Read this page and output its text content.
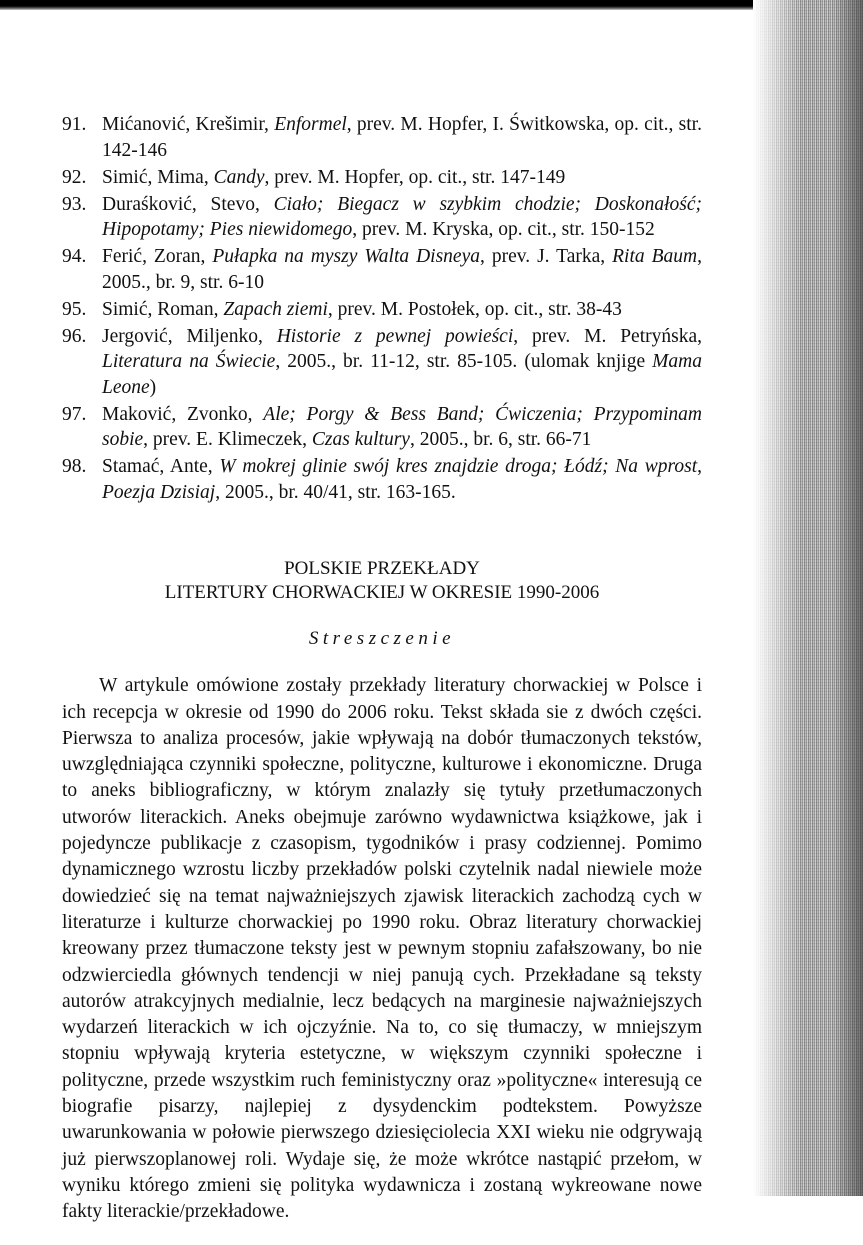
91. Mićanović, Krešimir, Enformel, prev. M. Hopfer, I. Świtkowska, op. cit., str. 142-146
92. Simić, Mima, Candy, prev. M. Hopfer, op. cit., str. 147-149
93. Duraśković, Stevo, Ciało; Biegacz w szybkim chodzie; Doskonałość; Hipopotamy; Pies niewidomego, prev. M. Kryska, op. cit., str. 150-152
94. Ferić, Zoran, Pułapka na myszy Walta Disneya, prev. J. Tarka, Rita Baum, 2005., br. 9, str. 6-10
95. Simić, Roman, Zapach ziemi, prev. M. Postołek, op. cit., str. 38-43
96. Jergović, Miljenko, Historie z pewnej powieści, prev. M. Petryńska, Literatura na Świecie, 2005., br. 11-12, str. 85-105. (ulomak knjige Mama Leone)
97. Maković, Zvonko, Ale; Porgy & Bess Band; Ćwiczenia; Przypominam sobie, prev. E. Klimeczek, Czas kultury, 2005., br. 6, str. 66-71
98. Stamać, Ante, W mokrej glinie swój kres znajdzie droga; Łódź; Na wprost, Poezja Dzisiaj, 2005., br. 40/41, str. 163-165.
POLSKIE PRZEKŁADY
LITERTURY CHORWACKIEJ W OKRESIE 1990-2006
Streszczenie

W artykule omówione zostały przekłady literatury chorwackiej w Polsce i ich recepcja w okresie od 1990 do 2006 roku. Tekst składa sie z dwóch części. Pierwsza to analiza procesów, jakie wpływają na dobór tłumaczonych tekstów, uwzględniająca czynniki społeczne, polityczne, kulturowe i ekonomiczne. Druga to aneks bibliograficzny, w którym znalazły się tytuły przetłumaczonych utworów literackich. Aneks obejmuje zarówno wydawnictwa książkowe, jak i pojedyncze publikacje z czasopism, tygodników i prasy codziennej. Pomimo dynamicznego wzrostu liczby przekładów polski czytelnik nadal niewiele może dowiedzieć się na temat najważniejszych zjawisk literackich zachodzą cych w literaturze i kulturze chorwackiej po 1990 roku. Obraz literatury chorwackiej kreowany przez tłumaczone teksty jest w pewnym stopniu zafałszowany, bo nie odzwierciedla głównych tendencji w niej panują cych. Przekładane są teksty autorów atrakcyjnych medialnie, lecz bedących na marginesie najważniejszych wydarzeń literackich w ich ojczyźnie. Na to, co się tłumaczy, w mniejszym stopniu wpływają kryteria estetyczne, w większym czynniki społeczne i polityczne, przede wszystkim ruch feministyczny oraz »polityczne« interesują ce biografie pisarzy, najlepiej z dysydenckim podtekstem. Powyższe uwarunkowania w połowie pierwszego dziesięciolecia XXI wieku nie odgrywają już pierwszoplanowej roli. Wydaje się, że może wkrótce nastąpić przełom, w wyniku którego zmieni się polityka wydawnicza i zostaną wykreowane nowe fakty literackie/przekładowe.
